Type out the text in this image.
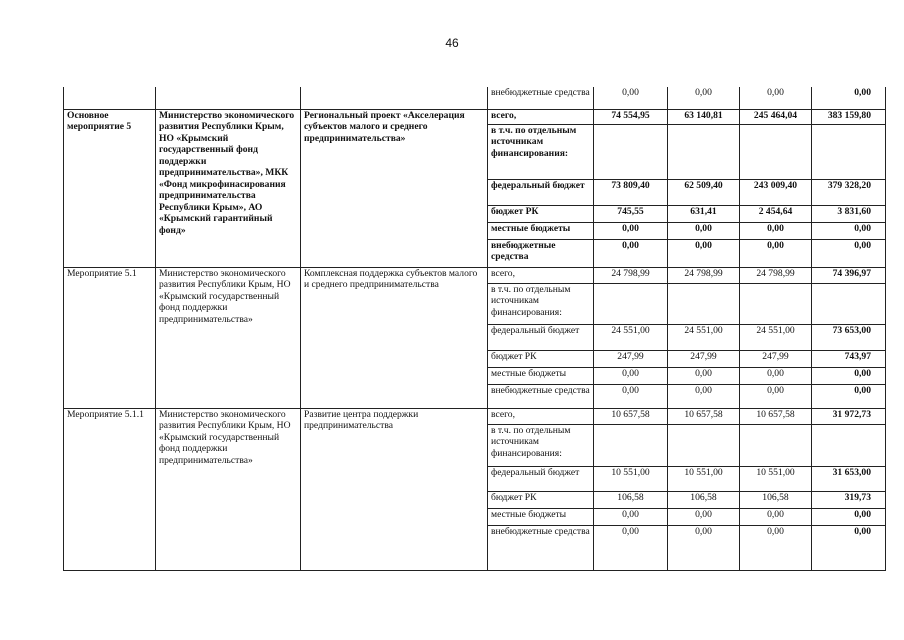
46
			внебюджетные средства	0,00	0,00	0,00	0,00
Основное мероприятие 5	Министерство экономического развития Республики Крым, НО «Крымский государственный фонд поддержки предпринимательства», МКК «Фонд микрофинасирования предпринимательства Республики Крым», АО «Крымский гарантийный фонд»	Региональный проект «Акселерация субъектов малого и среднего предпринимательства»	всего,	74 554,95	63 140,81	245 464,04	383 159,80
			в т.ч. по отдельным источникам финансирования:				
			федеральный бюджет	73 809,40	62 509,40	243 009,40	379 328,20
			бюджет РК	745,55	631,41	2 454,64	3 831,60
			местные бюджеты	0,00	0,00	0,00	0,00
			внебюджетные средства	0,00	0,00	0,00	0,00
Мероприятие 5.1	Министерство экономического развития Республики Крым, НО «Крымский государственный фонд поддержки предпринимательства»	Комплексная поддержка субъектов малого и среднего предпринимательства	всего,	24 798,99	24 798,99	24 798,99	74 396,97
			в т.ч. по отдельным источникам финансирования:				
			федеральный бюджет	24 551,00	24 551,00	24 551,00	73 653,00
			бюджет РК	247,99	247,99	247,99	743,97
			местные бюджеты	0,00	0,00	0,00	0,00
			внебюджетные средства	0,00	0,00	0,00	0,00
Мероприятие 5.1.1	Министерство экономического развития Республики Крым, НО «Крымский государственный фонд поддержки предпринимательства»	Развитие центра поддержки предпринимательства	всего,	10 657,58	10 657,58	10 657,58	31 972,73
			в т.ч. по отдельным источникам финансирования:				
			федеральный бюджет	10 551,00	10 551,00	10 551,00	31 653,00
			бюджет РК	106,58	106,58	106,58	319,73
			местные бюджеты	0,00	0,00	0,00	0,00
			внебюджетные средства	0,00	0,00	0,00	0,00
